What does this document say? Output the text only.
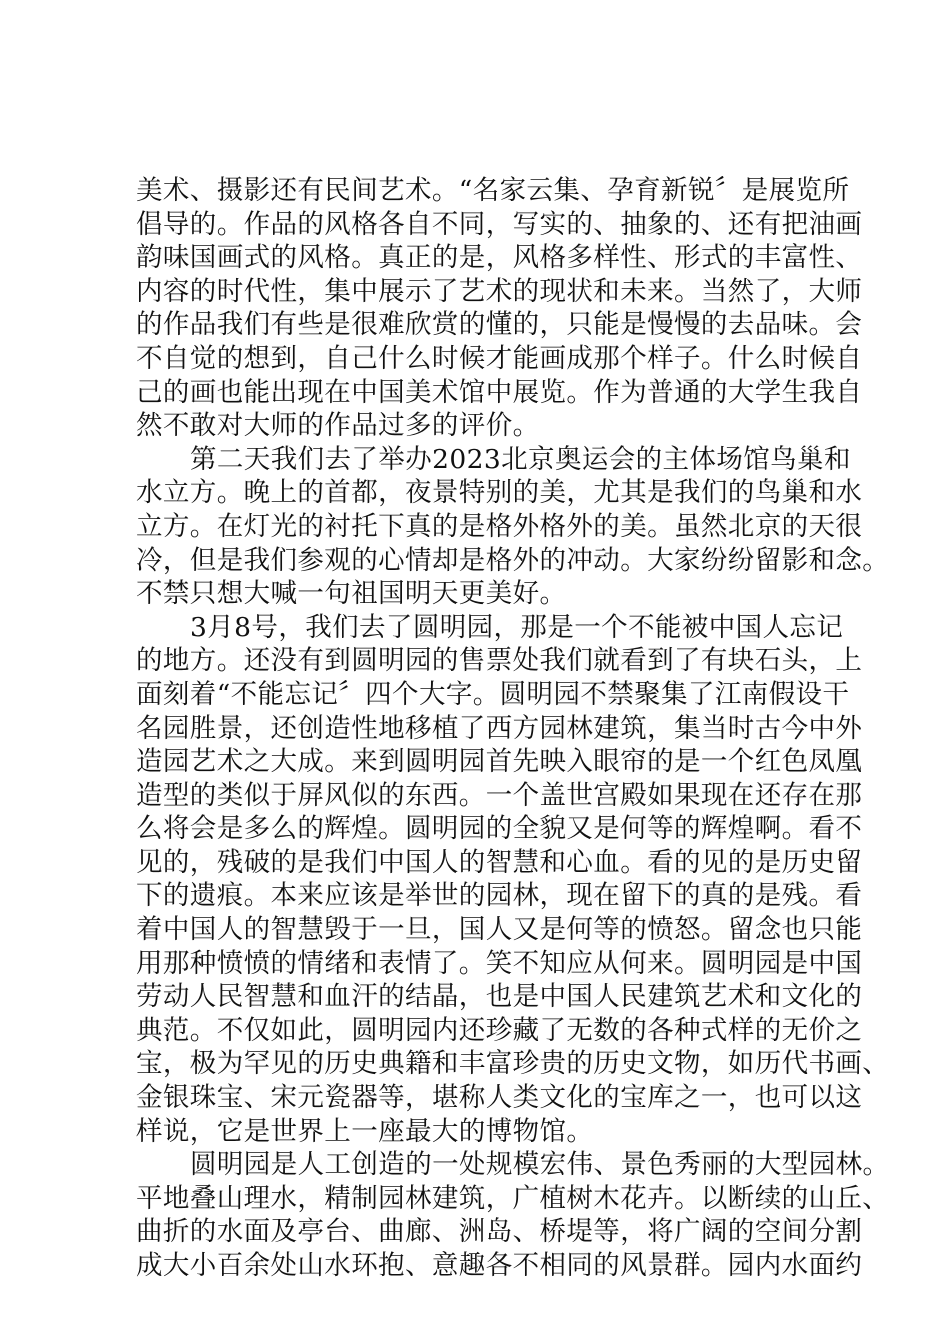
美术、摄影还有民间艺术。“名家云集、孕育新锐〞是展览所
倡导的。作品的风格各自不同，写实的、抽象的、还有把油画
韵味国画式的风格。真正的是，风格多样性、形式的丰富性、
内容的时代性，集中展示了艺术的现状和未来。当然了，大师
的作品我们有些是很难欣赏的懂的，只能是慢慢的去品味。会
不自觉的想到，自己什么时候才能画成那个样子。什么时候自
己的画也能出现在中国美术馆中展览。作为普通的大学生我自
然不敢对大师的作品过多的评价。
第二天我们去了举办2023北京奥运会的主体场馆鸟巢和
水立方。晚上的首都，夜景特别的美，尤其是我们的鸟巢和水
立方。在灯光的衬托下真的是格外格外的美。虽然北京的天很
冷，但是我们参观的心情却是格外的冲动。大家纷纷留影和念。
不禁只想大喊一句祖国明天更美好。
3月8号，我们去了圆明园，那是一个不能被中国人忘记
的地方。还没有到圆明园的售票处我们就看到了有块石头，上
面刻着“不能忘记〞四个大字。圆明园不禁聚集了江南假设干
名园胜景，还创造性地移植了西方园林建筑，集当时古今中外
造园艺术之大成。来到圆明园首先映入眼帘的是一个红色凤凰
造型的类似于屏风似的东西。一个盖世宫殿如果现在还存在那
么将会是多么的辉煌。圆明园的全貌又是何等的辉煌啊。看不
见的，残破的是我们中国人的智慧和心血。看的见的是历史留
下的遗痕。本来应该是举世的园林，现在留下的真的是残。看
着中国人的智慧毁于一旦，国人又是何等的愤怒。留念也只能
用那种愤愤的情绪和表情了。笑不知应从何来。圆明园是中国
劳动人民智慧和血汗的结晶，也是中国人民建筑艺术和文化的
典范。不仅如此，圆明园内还珍藏了无数的各种式样的无价之
宝，极为罕见的历史典籍和丰富珍贵的历史文物，如历代书画、
金银珠宝、宋元瓷器等，堪称人类文化的宝库之一，也可以这
样说，它是世界上一座最大的博物馆。
圆明园是人工创造的一处规模宏伟、景色秀丽的大型园林。
平地叠山理水，精制园林建筑，广植树木花卉。以断续的山丘、
曲折的水面及亭台、曲廊、洲岛、桥堤等，将广阔的空间分割
成大小百余处山水环抱、意趣各不相同的风景群。园内水面约
